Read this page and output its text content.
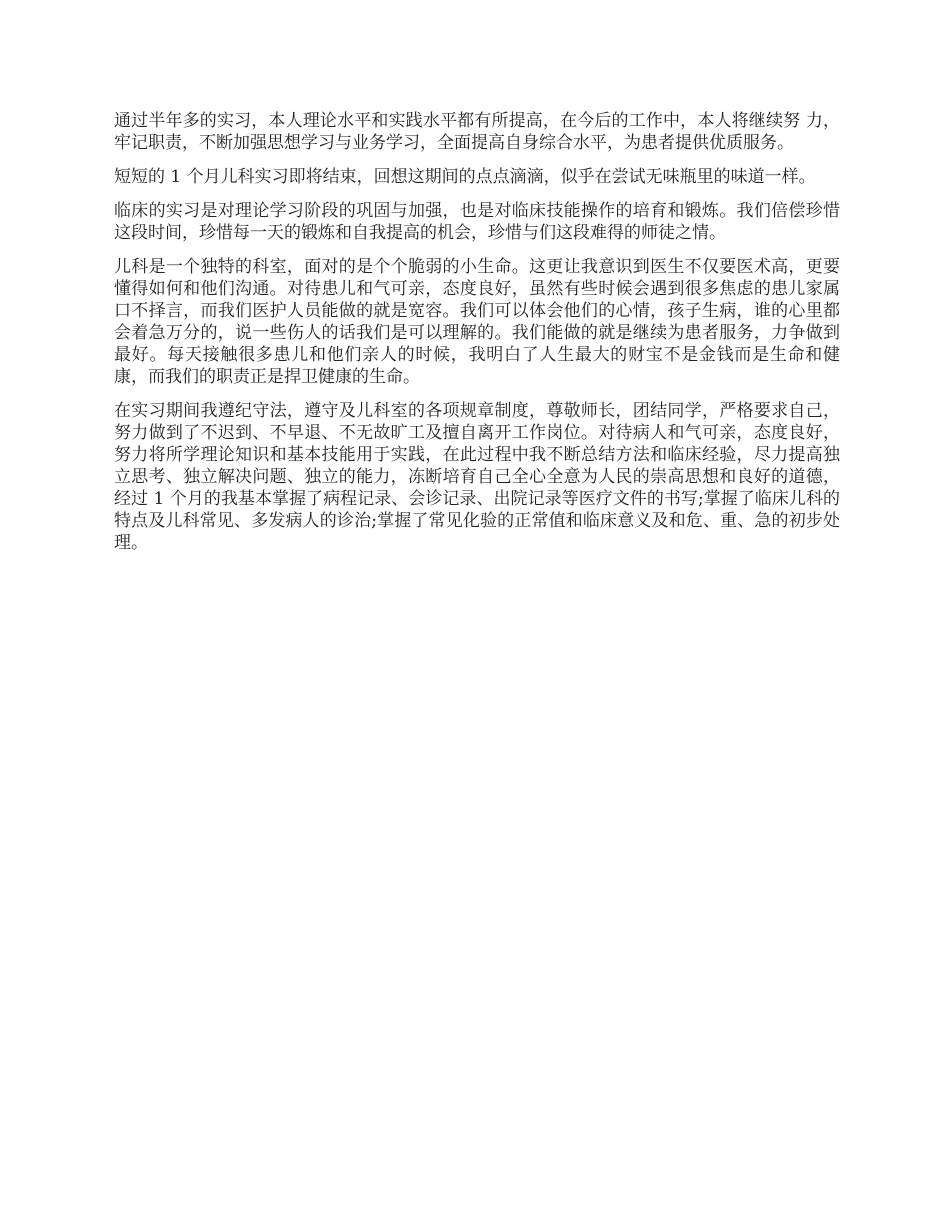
通过半年多的实习，本人理论水平和实践水平都有所提高，在今后的工作中，本人将继续努 力，牢记职责，不断加强思想学习与业务学习，全面提高自身综合水平，为患者提供优质服务。

短短的 1 个月儿科实习即将结束，回想这期间的点点滴滴，似乎在尝试无味瓶里的味道一样。

临床的实习是对理论学习阶段的巩固与加强，也是对临床技能操作的培育和锻炼。我们倍偿珍惜这段时间，珍惜每一天的锻炼和自我提高的机会，珍惜与们这段难得的师徒之情。

儿科是一个独特的科室，面对的是个个脆弱的小生命。这更让我意识到医生不仅要医术高，更要懂得如何和他们沟通。对待患儿和气可亲，态度良好，虽然有些时候会遇到很多焦虑的患儿家属口不择言，而我们医护人员能做的就是宽容。我们可以体会他们的心情，孩子生病，谁的心里都会着急万分的，说一些伤人的话我们是可以理解的。我们能做的就是继续为患者服务，力争做到最好。每天接触很多患儿和他们亲人的时候，我明白了人生最大的财宝不是金钱而是生命和健康，而我们的职责正是捍卫健康的生命。

在实习期间我遵纪守法，遵守及儿科室的各项规章制度，尊敬师长，团结同学，严格要求自己，努力做到了不迟到、不早退、不无故旷工及擅自离开工作岗位。对待病人和气可亲，态度良好，努力将所学理论知识和基本技能用于实践，在此过程中我不断总结方法和临床经验，尽力提高独立思考、独立解决问题、独立的能力，冻断培育自己全心全意为人民的崇高思想和良好的道德，经过 1 个月的我基本掌握了病程记录、会诊记录、出院记录等医疗文件的书写;掌握了临床儿科的特点及儿科常见、多发病人的诊治;掌握了常见化验的正常值和临床意义及和危、重、急的初步处理。
